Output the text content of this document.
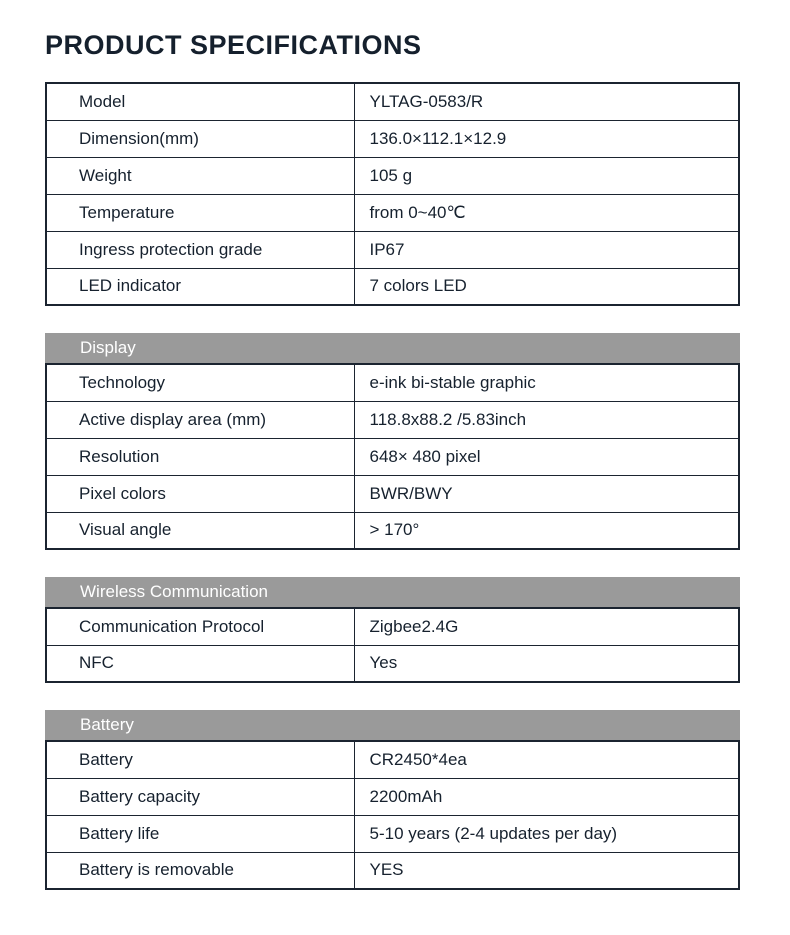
PRODUCT SPECIFICATIONS
Model	YLTAG-0583/R
Dimension(mm)	136.0×112.1×12.9
Weight	105 g
Temperature	from 0~40℃
Ingress protection grade	IP67
LED indicator	7 colors LED
Display
Technology	e-ink bi-stable graphic
Active display area (mm)	118.8x88.2 /5.83inch
Resolution	648× 480 pixel
Pixel colors	BWR/BWY
Visual angle	> 170°
Wireless Communication
Communication Protocol	Zigbee2.4G
NFC	Yes
Battery
Battery	CR2450*4ea
Battery capacity	2200mAh
Battery life	5-10 years (2-4 updates per day)
Battery is removable	YES
